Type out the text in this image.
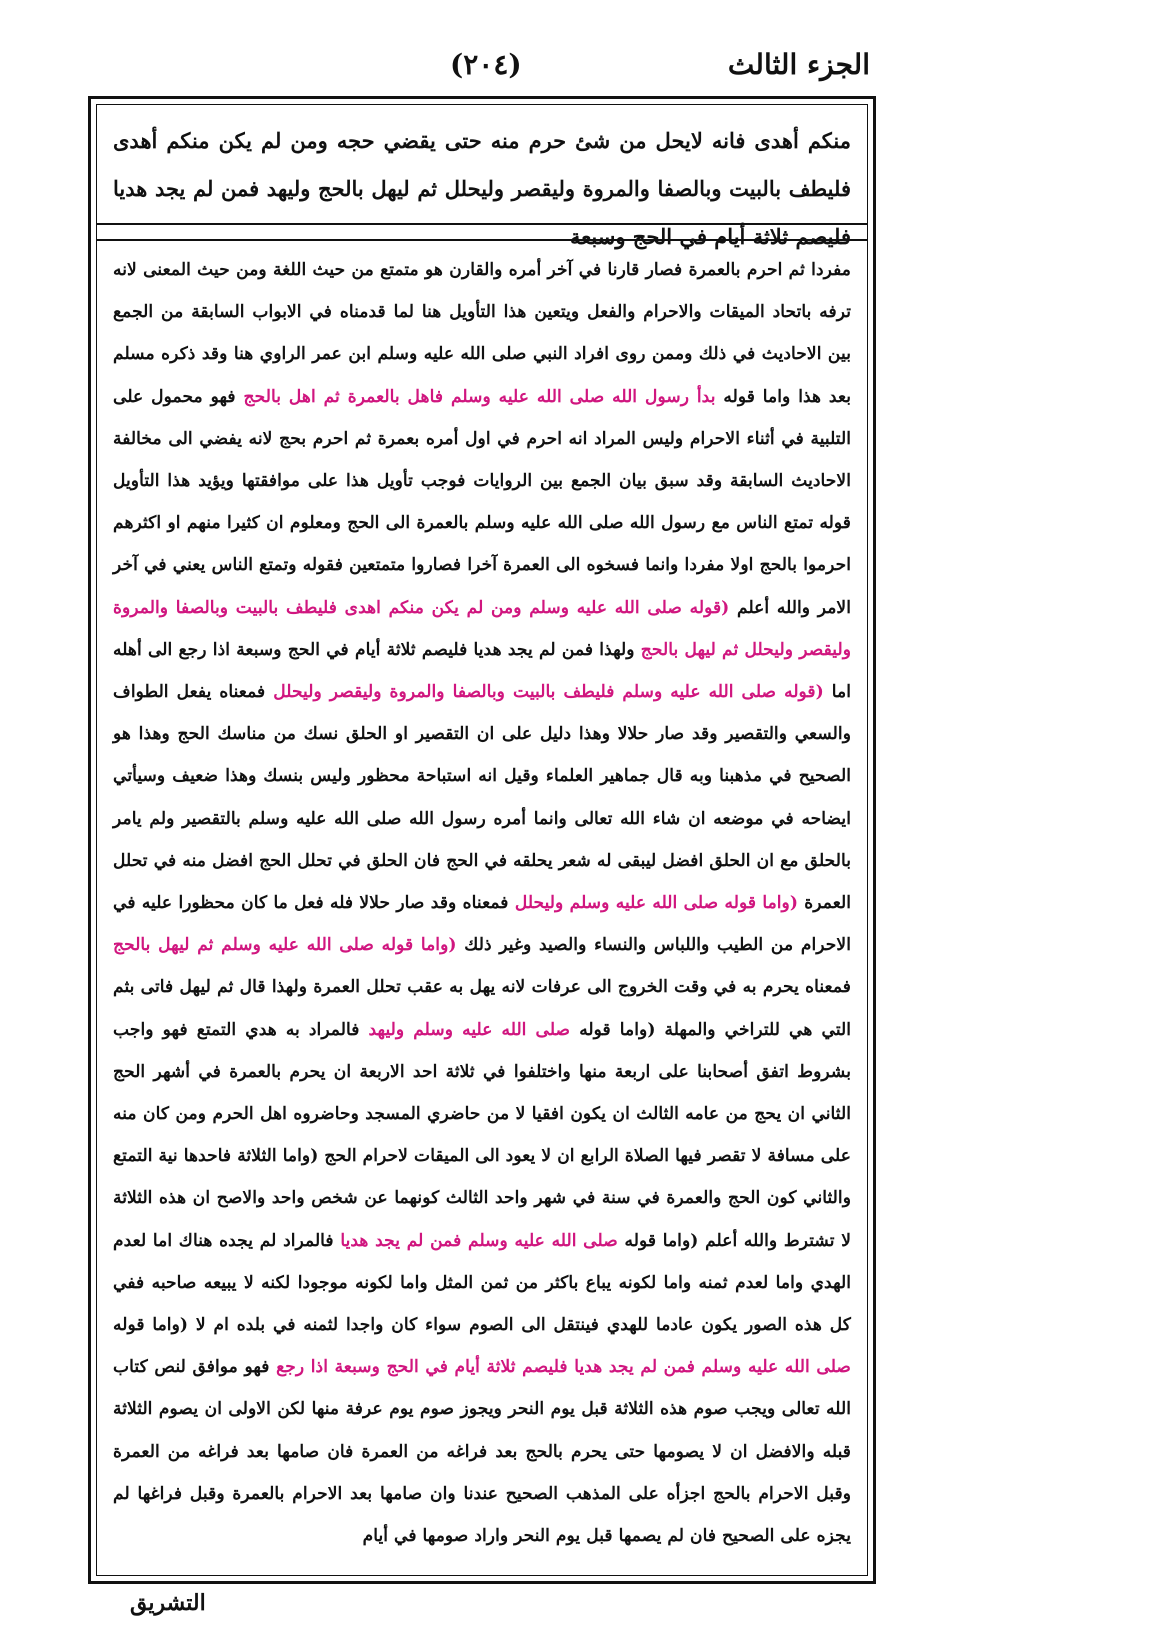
الجزء الثالث
(٢٠٤)
منكم أهدى فانه لايحل من شئ حرم منه حتى يقضي حجه ومن لم يكن منكم أهدى فليطف بالبيت وبالصفا والمروة وليقصر وليحلل ثم ليهل بالحج وليهد فمن لم يجد هديا فليصم ثلاثة أيام في الحج وسبعة
مفردا ثم احرم بالعمرة فصار قارنا في آخر أمره والقارن هو متمتع من حيث اللغة ومن حيث المعنى لانه ترفه باتحاد الميقات والاحرام والفعل ويتعين هذا التأويل هنا لما قدمناه في الابواب السابقة من الجمع بين الاحاديث في ذلك وممن روى افراد النبي صلى الله عليه وسلم ابن عمر الراوي هنا وقد ذكره مسلم بعد هذا واما قوله بدأ رسول الله صلى الله عليه وسلم فاهل بالعمرة ثم اهل بالحج فهو محمول على التلبية في أثناء الاحرام وليس المراد انه احرم في اول أمره بعمرة ثم احرم بحج لانه يفضي الى مخالفة الاحاديث السابقة وقد سبق بيان الجمع بين الروايات فوجب تأويل هذا على موافقتها ويؤيد هذا التأويل قوله تمتع الناس مع رسول الله صلى الله عليه وسلم بالعمرة الى الحج ومعلوم ان كثيرا منهم او اكثرهم احرموا بالحج اولا مفردا وانما فسخوه الى العمرة آخرا فصاروا متمتعين فقوله وتمتع الناس يعني في آخر الامر والله أعلم (قوله صلى الله عليه وسلم ومن لم يكن منكم اهدى فليطف بالبيت وبالصفا والمروة وليقصر وليحلل ثم ليهل بالحج ولهذا فمن لم يجد هديا فليصم ثلاثة أيام في الحج وسبعة اذا رجع الى أهله اما (قوله صلى الله عليه وسلم فليطف بالبيت وبالصفا والمروة وليقصر وليحلل فمعناه يفعل الطواف والسعي والتقصير وقد صار حلالا وهذا دليل على ان التقصير او الحلق نسك من مناسك الحج وهذا هو الصحيح في مذهبنا وبه قال جماهير العلماء وقيل انه استباحة محظور وليس بنسك وهذا ضعيف وسيأتي ايضاحه في موضعه ان شاء الله تعالى وانما أمره رسول الله صلى الله عليه وسلم بالتقصير ولم يامر بالحلق مع ان الحلق افضل ليبقى له شعر يحلقه في الحج فان الحلق في تحلل الحج افضل منه في تحلل العمرة (واما قوله صلى الله عليه وسلم وليحلل فمعناه وقد صار حلالا فله فعل ما كان محظورا عليه في الاحرام من الطيب واللباس والنساء والصيد وغير ذلك (واما قوله صلى الله عليه وسلم ثم ليهل بالحج فمعناه يحرم به في وقت الخروج الى عرفات لانه يهل به عقب تحلل العمرة ولهذا قال ثم ليهل فاتى بثم التي هي للتراخي والمهلة (واما قوله صلى الله عليه وسلم وليهد فالمراد به هدي التمتع فهو واجب بشروط اتفق أصحابنا على اربعة منها واختلفوا في ثلاثة احد الاربعة ان يحرم بالعمرة في أشهر الحج الثاني ان يحج من عامه الثالث ان يكون افقيا لا من حاضري المسجد وحاضروه اهل الحرم ومن كان منه على مسافة لا تقصر فيها الصلاة الرابع ان لا يعود الى الميقات لاحرام الحج (واما الثلاثة فاحدها نية التمتع والثاني كون الحج والعمرة في سنة في شهر واحد الثالث كونهما عن شخص واحد والاصح ان هذه الثلاثة لا تشترط والله أعلم (واما قوله صلى الله عليه وسلم فمن لم يجد هديا فالمراد لم يجده هناك اما لعدم الهدي واما لعدم ثمنه واما لكونه يباع باكثر من ثمن المثل واما لكونه موجودا لكنه لا يبيعه صاحبه ففي كل هذه الصور يكون عادما للهدي فينتقل الى الصوم سواء كان واجدا لثمنه في بلده ام لا (واما قوله صلى الله عليه وسلم فمن لم يجد هديا فليصم ثلاثة أيام في الحج وسبعة اذا رجع فهو موافق لنص كتاب الله تعالى ويجب صوم هذه الثلاثة قبل يوم النحر ويجوز صوم يوم عرفة منها لكن الاولى ان يصوم الثلاثة قبله والافضل ان لا يصومها حتى يحرم بالحج بعد فراغه من العمرة فان صامها بعد فراغه من العمرة وقبل الاحرام بالحج اجزأه على المذهب الصحيح عندنا وان صامها بعد الاحرام بالعمرة وقبل فراغها لم يجزه على الصحيح فان لم يصمها قبل يوم النحر واراد صومها في أيام
التشريق
